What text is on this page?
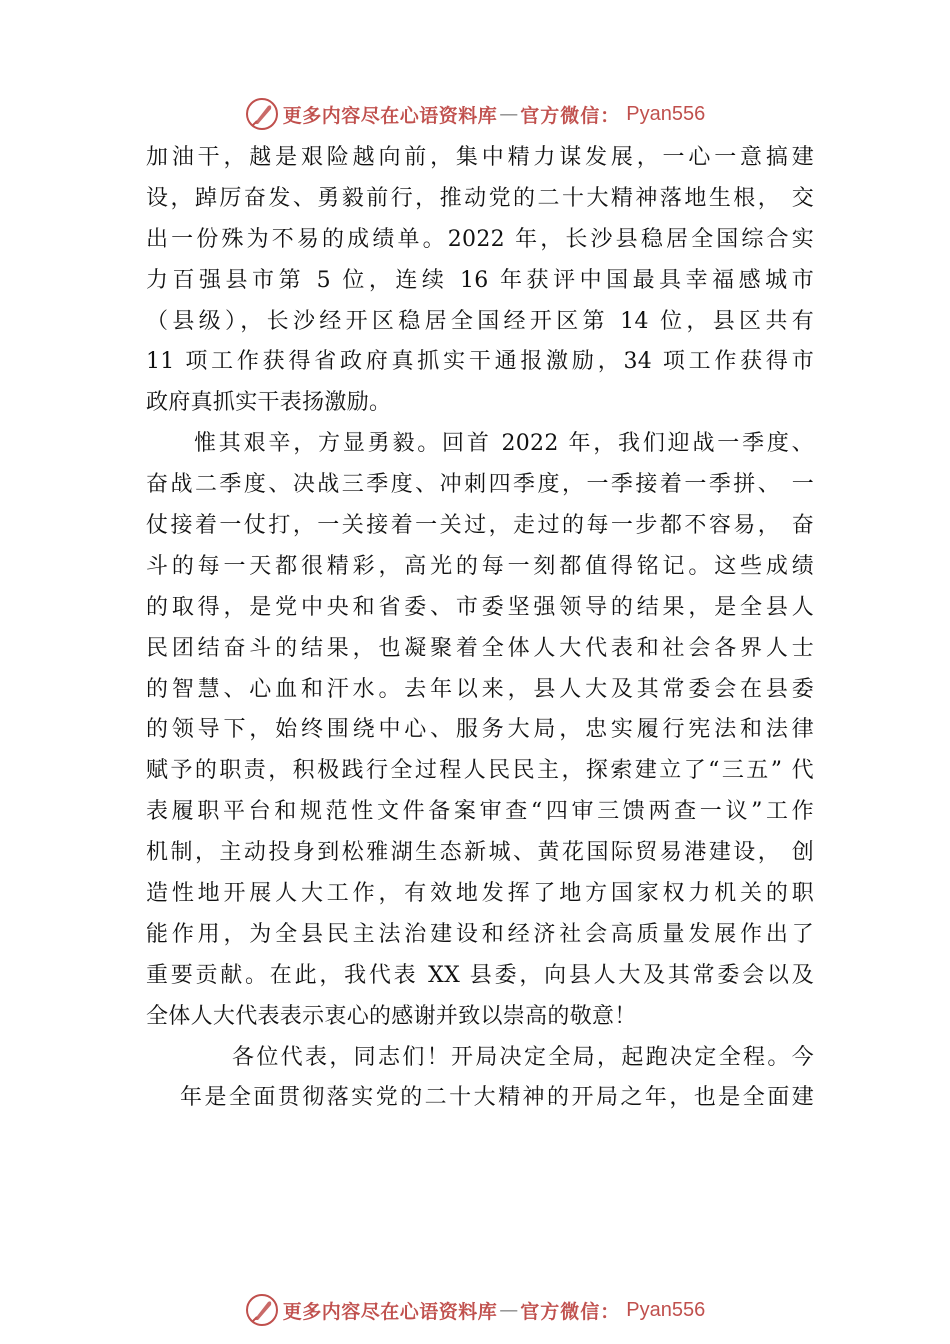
更多内容尽在心语资料库 — 官方微信： Pyan556
加油干，越是艰险越向前，集中精力谋发展，一心一意搞建
设，踔厉奋发、勇毅前行，推动党的二十大精神落地生根， 交
出一份殊为不易的成绩单。2022 年，长沙县稳居全国综合实
力百强县市第 5 位，连续 16 年获评中国最具幸福感城市
（县级），长沙经开区稳居全国经开区第 14 位，县区共有
11 项工作获得省政府真抓实干通报激励，34 项工作获得市
政府真抓实干表扬激励。
惟其艰辛，方显勇毅。回首 2022 年，我们迎战一季度、
奋战二季度、决战三季度、冲刺四季度，一季接着一季拼、 一
仗接着一仗打，一关接着一关过，走过的每一步都不容易， 奋
斗的每一天都很精彩，高光的每一刻都值得铭记。这些成绩
的取得，是党中央和省委、市委坚强领导的结果，是全县人
民团结奋斗的结果，也凝聚着全体人大代表和社会各界人士
的智慧、心血和汗水。去年以来，县人大及其常委会在县委
的领导下，始终围绕中心、服务大局，忠实履行宪法和法律
赋予的职责，积极践行全过程人民民主，探索建立了“三五” 代
表履职平台和规范性文件备案审查“四审三馈两查一议”工作
机制，主动投身到松雅湖生态新城、黄花国际贸易港建设， 创
造性地开展人大工作，有效地发挥了地方国家权力机关的职
能作用，为全县民主法治建设和经济社会高质量发展作出了
重要贡献。在此，我代表 XX 县委，向县人大及其常委会以及
全体人大代表表示衷心的感谢并致以崇高的敬意！
各位代表，同志们！开局决定全局，起跑决定全程。今
年是全面贯彻落实党的二十大精神的开局之年，也是全面建
更多内容尽在心语资料库 — 官方微信： Pyan556
